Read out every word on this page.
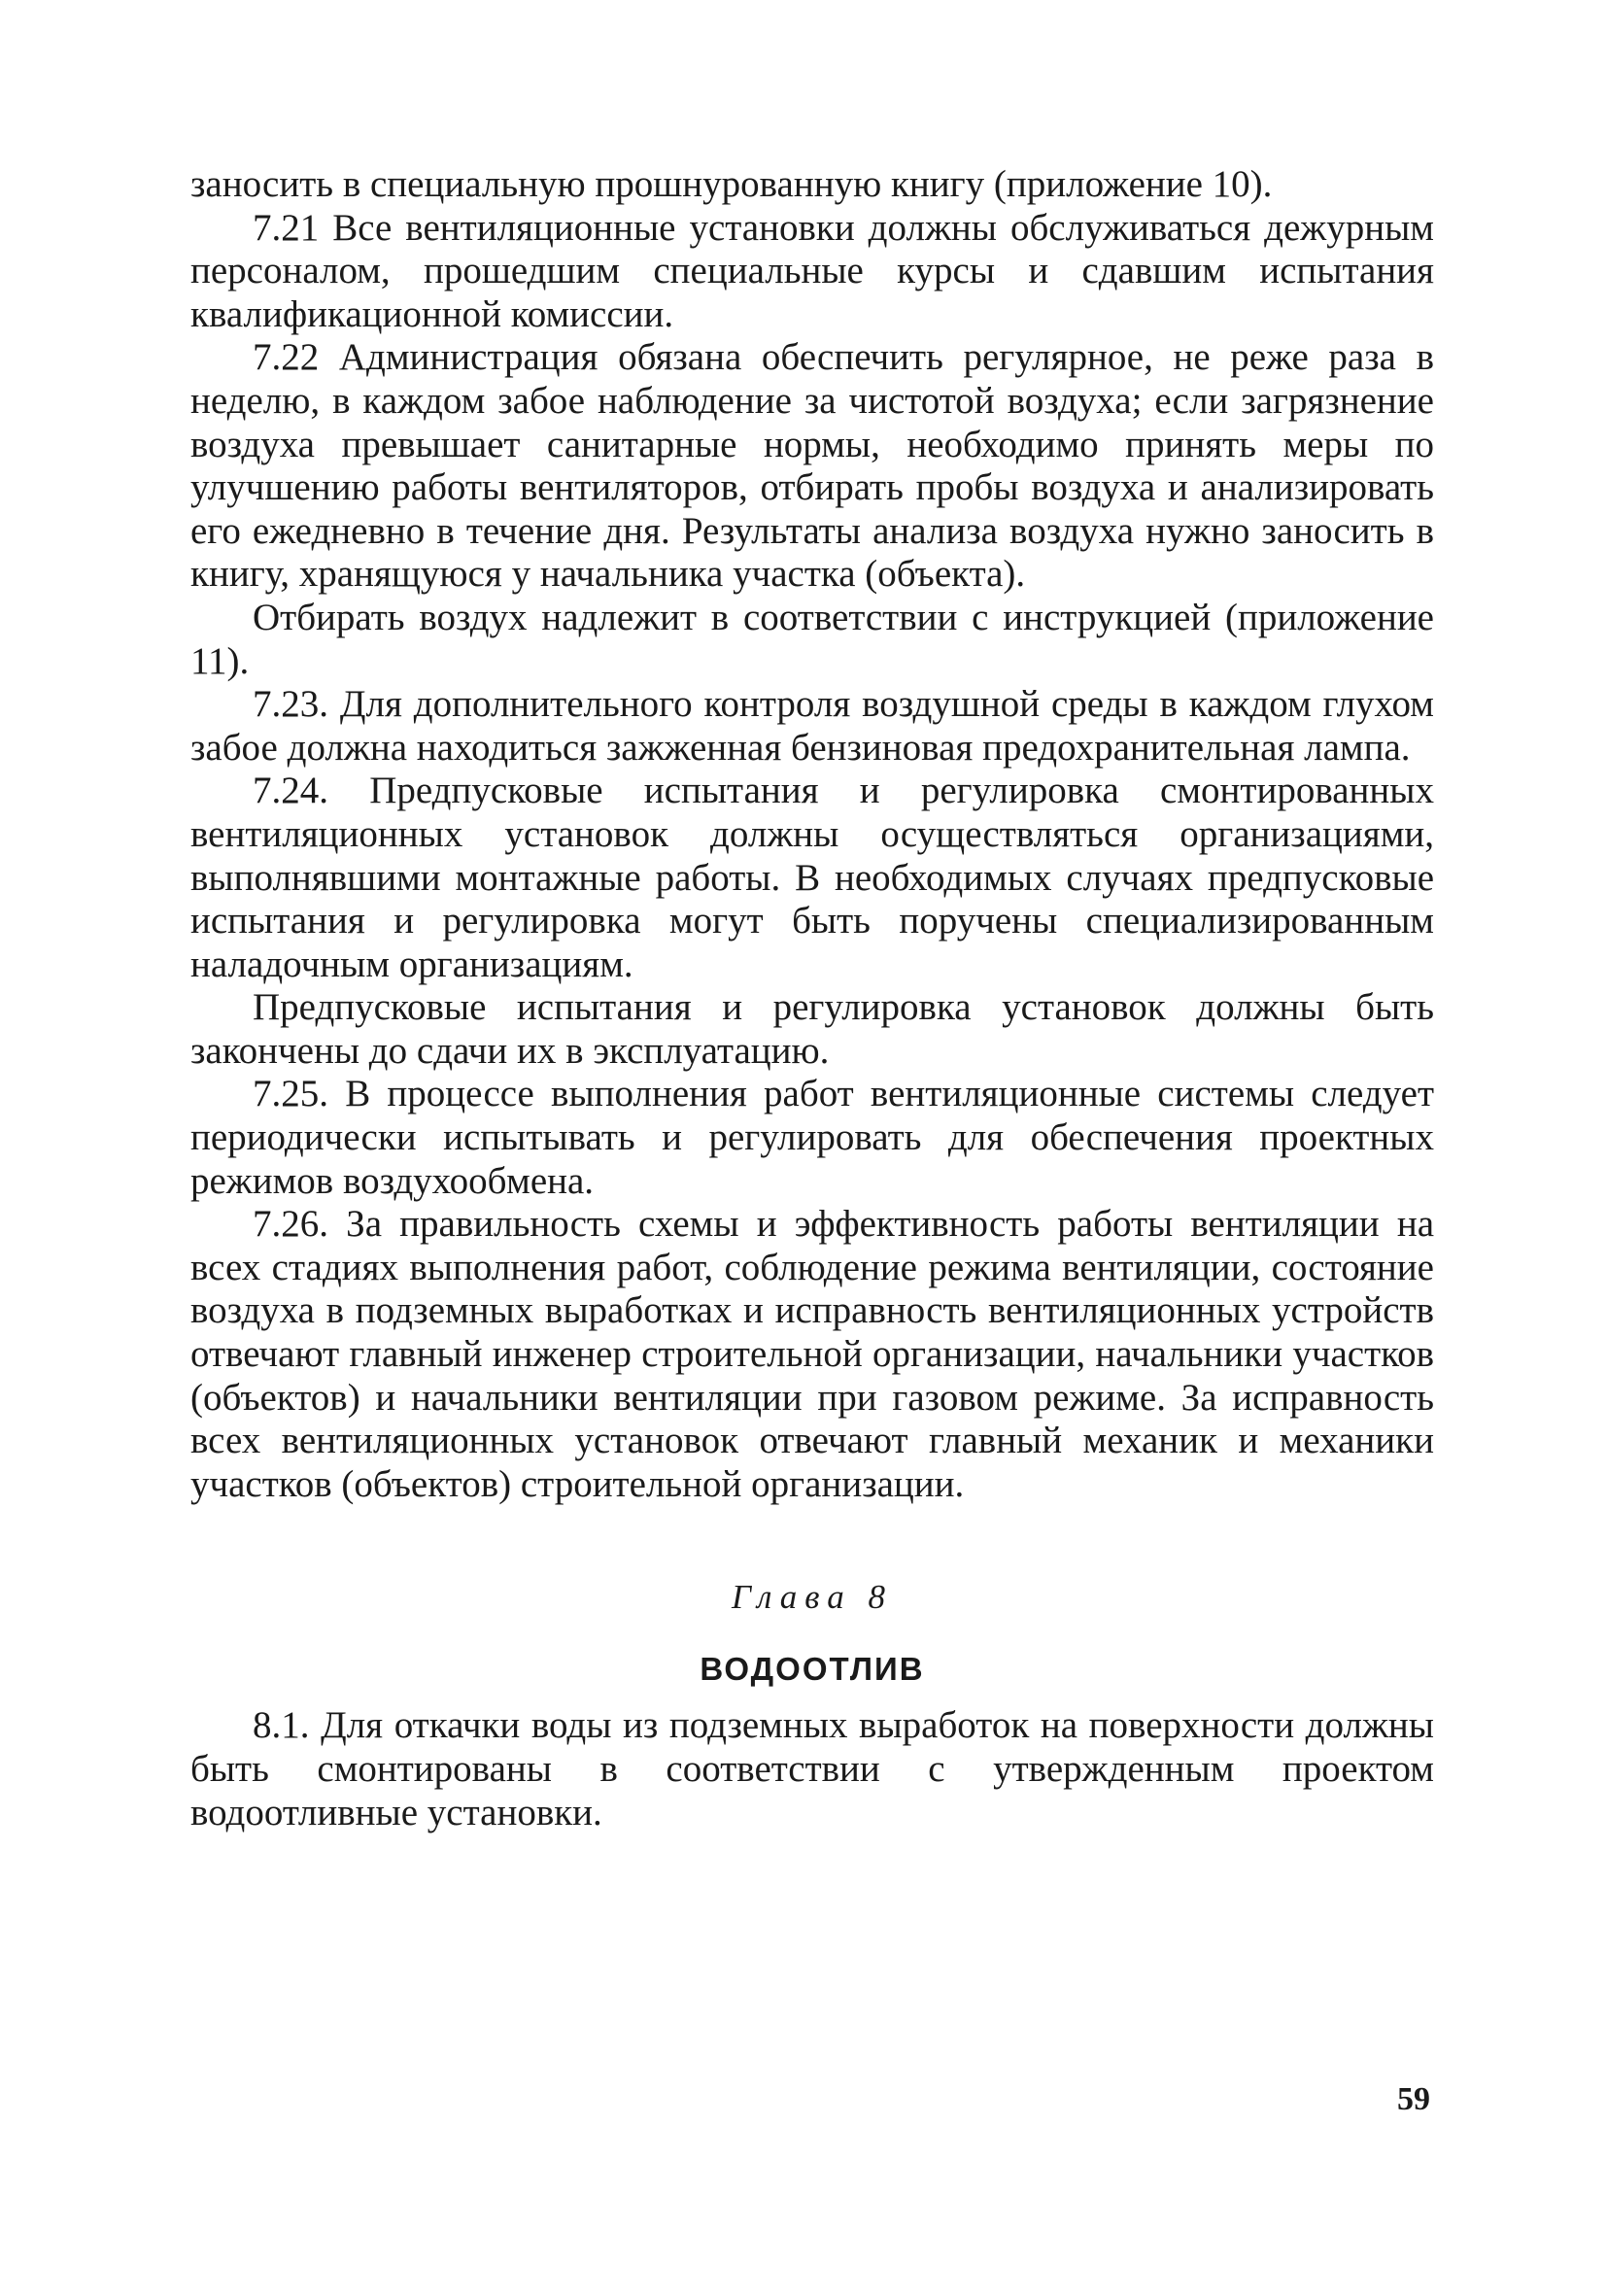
заносить в специальную прошнурованную книгу (приложение 10).

7.21 Все вентиляционные установки должны обслуживаться дежурным персоналом, прошедшим специальные курсы и сдавшим испытания квалификационной комиссии.

7.22 Администрация обязана обеспечить регулярное, не реже раза в неделю, в каждом забое наблюдение за чистотой воздуха; если загрязнение воздуха превышает санитарные нормы, необходимо принять меры по улучшению работы вентиляторов, отбирать пробы воздуха и анализировать его ежедневно в течение дня. Результаты анализа воздуха нужно заносить в книгу, хранящуюся у начальника участка (объекта).

Отбирать воздух надлежит в соответствии с инструкцией (приложение 11).

7.23. Для дополнительного контроля воздушной среды в каждом глухом забое должна находиться зажженная бензиновая предохранительная лампа.

7.24. Предпусковые испытания и регулировка смонтированных вентиляционных установок должны осуществляться организациями, выполнявшими монтажные работы. В необходимых случаях предпусковые испытания и регулировка могут быть поручены специализированным наладочным организациям.

Предпусковые испытания и регулировка установок должны быть закончены до сдачи их в эксплуатацию.

7.25. В процессе выполнения работ вентиляционные системы следует периодически испытывать и регулировать для обеспечения проектных режимов воздухообмена.

7.26. За правильность схемы и эффективность работы вентиляции на всех стадиях выполнения работ, соблюдение режима вентиляции, состояние воздуха в подземных выработках и исправность вентиляционных устройств отвечают главный инженер строительной организации, начальники участков (объектов) и начальники вентиляции при газовом режиме. За исправность всех вентиляционных установок отвечают главный механик и механики участков (объектов) строительной организации.

Глава 8

ВОДООТЛИВ

8.1. Для откачки воды из подземных выработок на поверхности должны быть смонтированы в соответствии с утвержденным проектом водоотливные установки.

59
